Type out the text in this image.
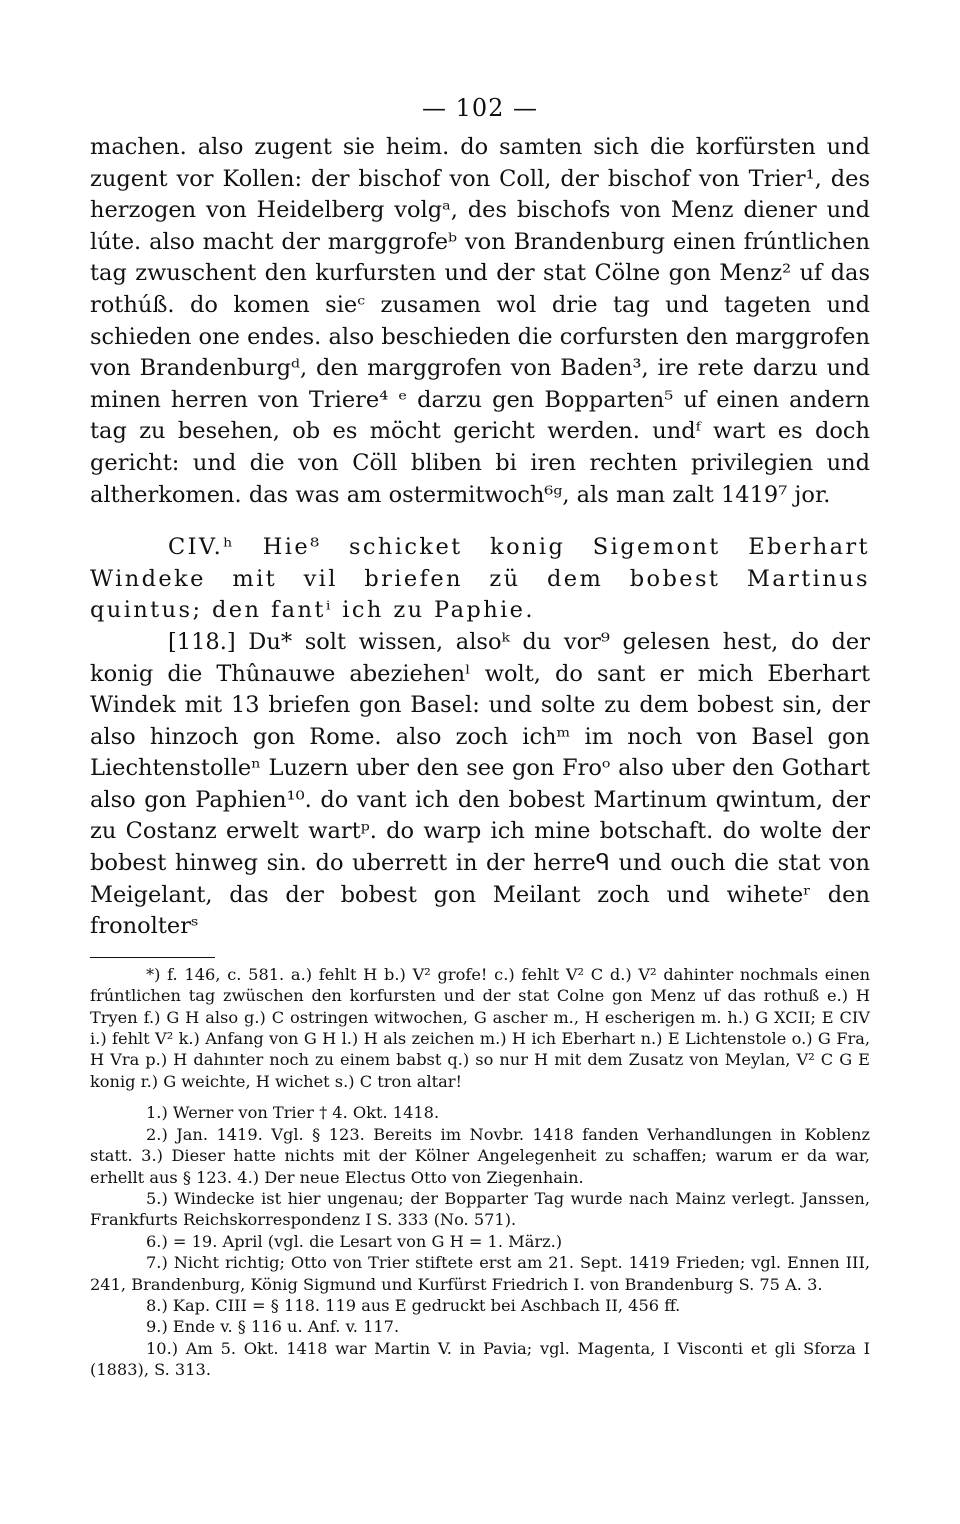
— 102 —

machen. also zugent sie heim. do samten sich die korfürsten und zugent vor Kollen: der bischof von Coll, der bischof von Trier¹, des herzogen von Heidelberg volgᵃ, des bischofs von Menz diener und lúte. also macht der marggrofeᵇ von Brandenburg einen frúntlichen tag zwuschent den kurfursten und der stat Cölne gon Menz² uf das rothúß. do komen sieᶜ zusamen wol drie tag und tageten und schieden one endes. also beschieden die corfursten den marggrofen von Brandenburgᵈ, den marggrofen von Baden³, ire rete darzu und minen herren von Triere⁴ ᵉ darzu gen Bopparten⁵ uf einen andern tag zu besehen, ob es möcht gericht werden. undᶠ wart es doch gericht: und die von Cöll bliben bi iren rechten privilegien und altherkomen. das was am ostermitwoch⁶ᵍ, als man zalt 1419⁷ jor.

CIV.ʰ Hie⁸ schicket konig Sigemont Eberhart Windeke mit vil briefen zü dem bobest Martinus quintus; den fantⁱ ich zu Paphie.

[118.] Du* solt wissen, alsoᵏ du vor⁹ gelesen hest, do der konig die Thûnauwe abeziehenˡ wolt, do sant er mich Eberhart Windek mit 13 briefen gon Basel: und solte zu dem bobest sin, der also hinzoch gon Rome. also zoch ichᵐ im noch von Basel gon Liechtenstolleⁿ Luzern uber den see gon Froᵒ also uber den Gothart also gon Paphien¹⁰. do vant ich den bobest Martinum qwintum, der zu Costanz erwelt wartᵖ. do warp ich mine botschaft. do wolte der bobest hinweg sin. do uberrett in der herreᑫ und ouch die stat von Meigelant, das der bobest gon Meilant zoch und wiheteʳ den fronolterˢ

*) f. 146, c. 581. a.) fehlt H b.) V² grofe! c.) fehlt V² C d.) V² dahinter nochmals einen frúntlichen tag zwüschen den korfursten und der stat Colne gon Menz uf das rothuß e.) H Tryen f.) G H also g.) C ostringen witwochen, G ascher m., H escherigen m. h.) G XCII; E CIV i.) fehlt V² k.) Anfang von G H l.) H als zeichen m.) H ich Eberhart n.) E Lichtenstole o.) G Fra, H Vra p.) H dahınter noch zu einem babst q.) so nur H mit dem Zusatz von Meylan, V² C G E konig r.) G weichte, H wichet s.) C tron altar!

1.) Werner von Trier † 4. Okt. 1418.

2.) Jan. 1419. Vgl. § 123. Bereits im Novbr. 1418 fanden Verhandlungen in Koblenz statt. 3.) Dieser hatte nichts mit der Kölner Angelegenheit zu schaffen; warum er da war, erhellt aus § 123. 4.) Der neue Electus Otto von Ziegenhain.

5.) Windecke ist hier ungenau; der Bopparter Tag wurde nach Mainz verlegt. Janssen, Frankfurts Reichskorrespondenz I S. 333 (No. 571).

6.) = 19. April (vgl. die Lesart von G H = 1. März.)

7.) Nicht richtig; Otto von Trier stiftete erst am 21. Sept. 1419 Frieden; vgl. Ennen III, 241, Brandenburg, König Sigmund und Kurfürst Friedrich I. von Brandenburg S. 75 A. 3.

8.) Kap. CIII = § 118. 119 aus E gedruckt bei Aschbach II, 456 ff.

9.) Ende v. § 116 u. Anf. v. 117.

10.) Am 5. Okt. 1418 war Martin V. in Pavia; vgl. Magenta, I Visconti et gli Sforza I (1883), S. 313.
